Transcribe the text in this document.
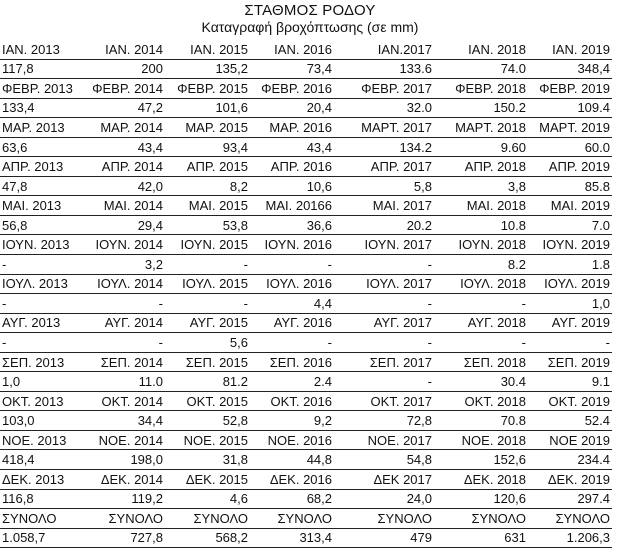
ΣΤΑΘΜΟΣ ΡΟΔΟΥ
Καταγραφή βροχόπτωσης (σε mm)
ΙΑΝ. 2013	ΙΑΝ. 2014	ΙΑΝ. 2015	ΙΑΝ. 2016	ΙΑΝ.2017	ΙΑΝ. 2018	ΙΑΝ. 2019
117,8	200	135,2	73,4	133.6	74.0	348,4
ΦΕΒΡ. 2013	ΦΕΒΡ. 2014	ΦΕΒΡ. 2015	ΦΕΒΡ. 2016	ΦΕΒΡ. 2017	ΦΕΒΡ. 2018	ΦΕΒΡ. 2019
133,4	47,2	101,6	20,4	32.0	150.2	109.4
ΜΑΡ. 2013	ΜΑΡ. 2014	ΜΑΡ. 2015	ΜΑΡ. 2016	ΜΑΡΤ. 2017	ΜΑΡΤ. 2018	ΜΑΡΤ. 2019
63,6	43,4	93,4	43,4	134.2	9.60	60.0
ΑΠΡ. 2013	ΑΠΡ. 2014	ΑΠΡ. 2015	ΑΠΡ. 2016	ΑΠΡ. 2017	ΑΠΡ. 2018	ΑΠΡ. 2019
47,8	42,0	8,2	10,6	5,8	3,8	85.8
ΜΑΙ. 2013	ΜΑΙ. 2014	ΜΑΙ. 2015	ΜΑΙ. 20166	ΜΑΙ. 2017	ΜΑΙ. 2018	ΜΑΙ. 2019
56,8	29,4	53,8	36,6	20.2	10.8	7.0
ΙΟΥΝ. 2013	ΙΟΥΝ. 2014	ΙΟΥΝ. 2015	ΙΟΥΝ. 2016	ΙΟΥΝ. 2017	ΙΟΥΝ. 2018	ΙΟΥΝ. 2019
-	3,2	-	-	-	8.2	1.8
ΙΟΥΛ. 2013	ΙΟΥΛ. 2014	ΙΟΥΛ. 2015	ΙΟΥΛ. 2016	ΙΟΥΛ. 2017	ΙΟΥΛ. 2018	ΙΟΥΛ. 2019
-	-	-	4,4	-	-	1,0
ΑΥΓ. 2013	ΑΥΓ. 2014	ΑΥΓ. 2015	ΑΥΓ. 2016	ΑΥΓ. 2017	ΑΥΓ. 2018	ΑΥΓ. 2019
-	-	5,6	-	-	-	-
ΣΕΠ. 2013	ΣΕΠ. 2014	ΣΕΠ. 2015	ΣΕΠ. 2016	ΣΕΠ. 2017	ΣΕΠ. 2018	ΣΕΠ. 2019
1,0	11.0	81.2	2.4	-	30.4	9.1
ΟΚΤ. 2013	ΟΚΤ. 2014	ΟΚΤ. 2015	ΟΚΤ. 2016	ΟΚΤ. 2017	ΟΚΤ. 2018	ΟΚΤ. 2019
103,0	34,4	52,8	9,2	72,8	70.8	52.4
ΝΟΕ. 2013	ΝΟΕ. 2014	ΝΟΕ. 2015	ΝΟΕ. 2016	ΝΟΕ. 2017	ΝΟΕ. 2018	ΝΟΕ 2019
418,4	198,0	31,8	44,8	54,8	152,6	234.4
ΔΕΚ. 2013	ΔΕΚ. 2014	ΔΕΚ. 2015	ΔΕΚ. 2016	ΔΕΚ 2017	ΔΕΚ. 2018	ΔΕΚ. 2019
116,8	119,2	4,6	68,2	24,0	120,6	297.4
ΣΥΝΟΛΟ	ΣΥΝΟΛΟ	ΣΥΝΟΛΟ	ΣΥΝΟΛΟ	ΣΥΝΟΛΟ	ΣΥΝΟΛΟ	ΣΥΝΟΛΟ
1.058,7	727,8	568,2	313,4	479	631	1.206,3
